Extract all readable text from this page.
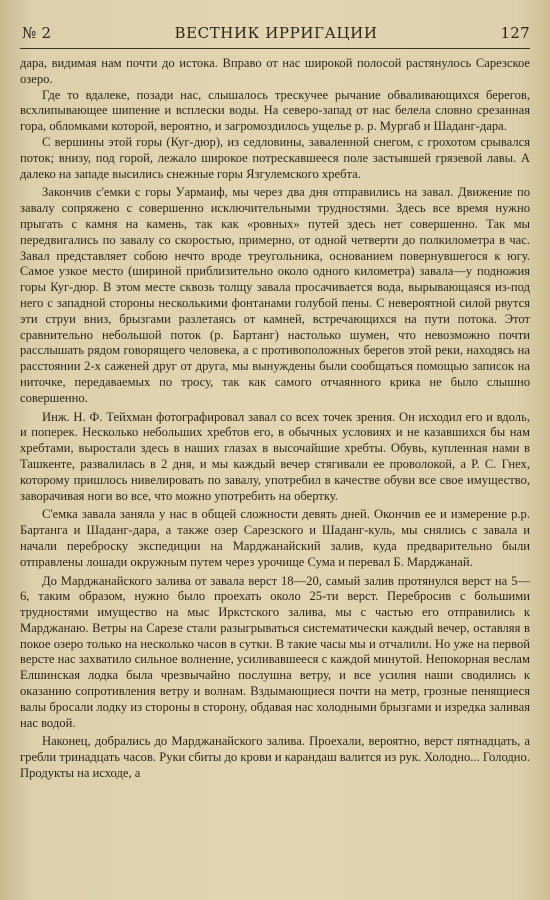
№ 2	ВЕСТНИК ИРРИГАЦИИ	127

дара, видимая нам почти до истока. Вправо от нас широкой полосой растянулось Сарезское озеро.

Где то вдалеке, позади нас, слышалось трескучее рычание обваливающихся берегов, всхлипывающее шипение и всплески воды. На северо-запад от нас белела словно срезанная гора, обломками которой, вероятно, и загромоздилось ущелье р. р. Мургаб и Шаданг-дара.

С вершины этой горы (Куг-дюр), из седловины, заваленной снегом, с грохотом срывался поток; внизу, под горой, лежало широкое потрескавшееся поле застывшей грязевой лавы. А далеко на западе высились снежные горы Язгулемского хребта.

Закончив с'емки с горы Уармаиф, мы через два дня отправились на завал. Движение по завалу сопряжено с совершенно исключительными трудностями. Здесь все время нужно прыгать с камня на камень, так как «ровных» путей здесь нет совершенно. Так мы передвигались по завалу со скоростью, примерно, от одной четверти до полкилометра в час. Завал представляет собою нечто вроде треугольника, основанием повернувшегося к югу. Самое узкое место (шириной приблизительно около одного километра) завала—у подножия горы Куг-дюр. В этом месте сквозь толщу завала просачивается вода, вырывающаяся из-под него с западной стороны несколькими фонтанами голубой пены. С невероятной силой рвутся эти струи вниз, брызгами разлетаясь от камней, встречающихся на пути потока. Этот сравнительно небольшой поток (р. Бартанг) настолько шумен, что невозможно почти расслышать рядом говорящего человека, а с противоположных берегов этой реки, находясь на расстоянии 2-х саженей друг от друга, мы вынуждены были сообщаться помощью записок на ниточке, передаваемых по тросу, так как самого отчаянного крика не было слышно совершенно.

Инж. Н. Ф. Тейхман фотографировал завал со всех точек зрения. Он исходил его и вдоль, и поперек. Несколько небольших хребтов его, в обычных условиях и не казавшихся бы нам хребтами, выростали здесь в наших глазах в высочайшие хребты. Обувь, купленная нами в Ташкенте, развалилась в 2 дня, и мы каждый вечер стягивали ее проволокой, а Р. С. Гнех, которому пришлось нивелировать по завалу, употребил в качестве обуви все свое имущество, заворачивая ноги во все, что можно употребить на обертку.

С'емка завала заняла у нас в общей сложности девять дней. Окончив ее и измерение р.р. Бартанга и Шаданг-дара, а также озер Сарезского и Шаданг-куль, мы снялись с завала и начали переброску экспедиции на Марджанайский залив, куда предварительно были отправлены лошади окружным путем через урочище Сума и перевал Б. Марджанай.

До Марджанайского залива от завала верст 18—20, самый залив протянулся верст на 5—6, таким образом, нужно было проехать около 25-ти верст. Перебросив с большими трудностями имущество на мыс Иркстского залива, мы с частью его отправились к Марджанаю. Ветры на Сарезе стали разыгрываться систематически каждый вечер, оставляя в покое озеро только на несколько часов в сутки. В такие часы мы и отчалили. Но уже на первой версте нас захватило сильное волнение, усиливавшееся с каждой минутой. Непокорная веслам Елшинская лодка была чрезвычайно послушна ветру, и все усилия наши сводились к оказанию сопротивления ветру и волнам. Вздымающиеся почти на метр, грозные пенящиеся валы бросали лодку из стороны в сторону, обдавая нас холодными брызгами и изредка заливая нас водой.

Наконец, добрались до Марджанайского залива. Проехали, вероятно, верст пятнадцать, а гребли тринадцать часов. Руки сбиты до крови и карандаш валится из рук. Холодно... Голодно. Продукты на исходе, а
